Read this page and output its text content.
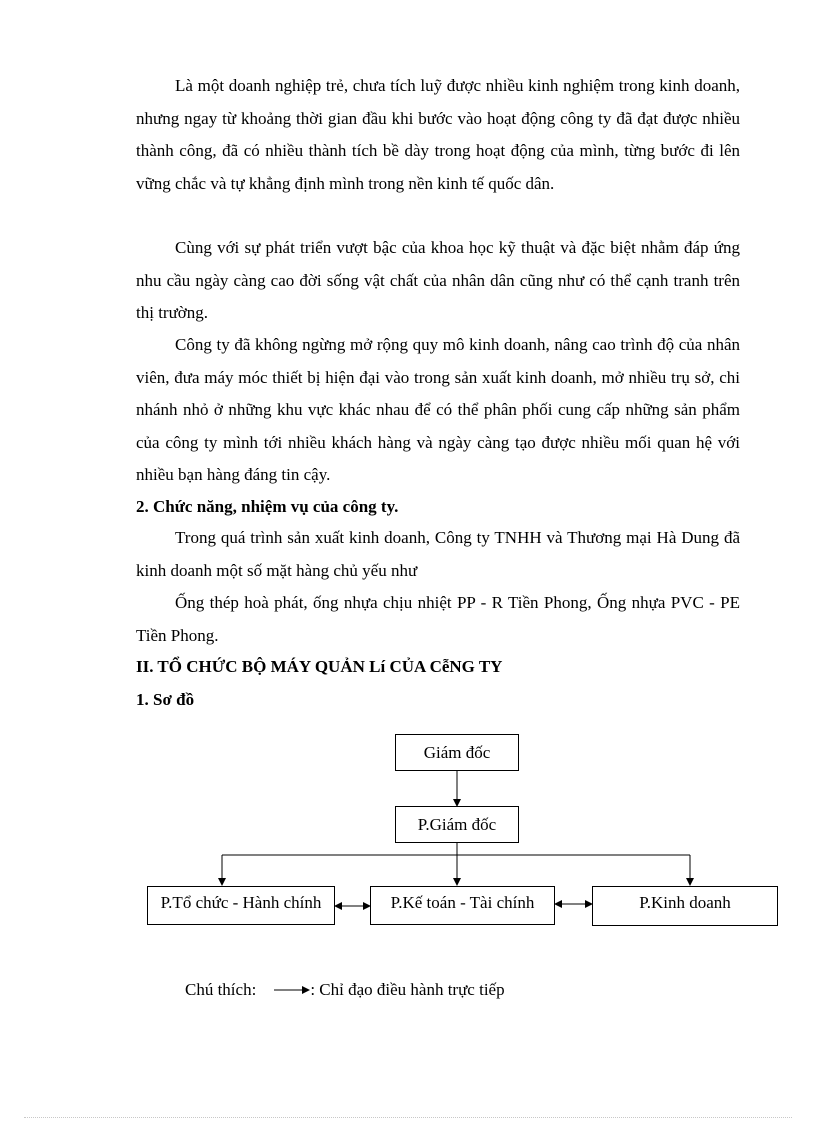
Là một doanh nghiệp trẻ, chưa tích luỹ được nhiều kinh nghiệm trong kinh doanh, nhưng ngay từ khoảng thời gian đầu khi bước vào hoạt động công ty đã đạt được nhiều thành công, đã có nhiều thành tích bề dày trong hoạt động của mình, từng bước đi lên vững chắc và tự khẳng định mình trong nền kinh tế quốc dân.

Cùng với sự phát triển vượt bậc của khoa học kỹ thuật và đặc biệt nhằm đáp ứng nhu cầu ngày càng cao đời sống vật chất của nhân dân cũng như có thể cạnh tranh trên thị trường.

Công ty đã không ngừng mở rộng quy mô kinh doanh, nâng cao trình độ của nhân viên, đưa máy móc thiết bị hiện đại vào trong sản xuất kinh doanh, mở nhiều trụ sở, chi nhánh nhỏ ở những khu vực khác nhau để có thể phân phối cung cấp những sản phẩm của công ty mình tới nhiều khách hàng và ngày càng tạo được nhiều mối quan hệ với nhiều bạn hàng đáng tin cậy.

2. Chức năng, nhiệm vụ của công ty.

Trong quá trình sản xuất kinh doanh, Công ty TNHH và Thương mại Hà Dung đã kinh doanh một số mặt hàng chủ yếu như

Ống thép hoà phát, ống nhựa chịu nhiệt PP - R Tiền Phong, Ống nhựa PVC - PE Tiền Phong.

II. TỔ CHỨC BỘ MÁY QUẢN Lí CỦA CễNG TY
1. Sơ đồ
Giám đốc
P.Giám đốc
P.Tổ chức - Hành chính	P.Kế toán - Tài chính	P.Kinh doanh
Chú thích:	: Chỉ đạo điều hành trực tiếp
